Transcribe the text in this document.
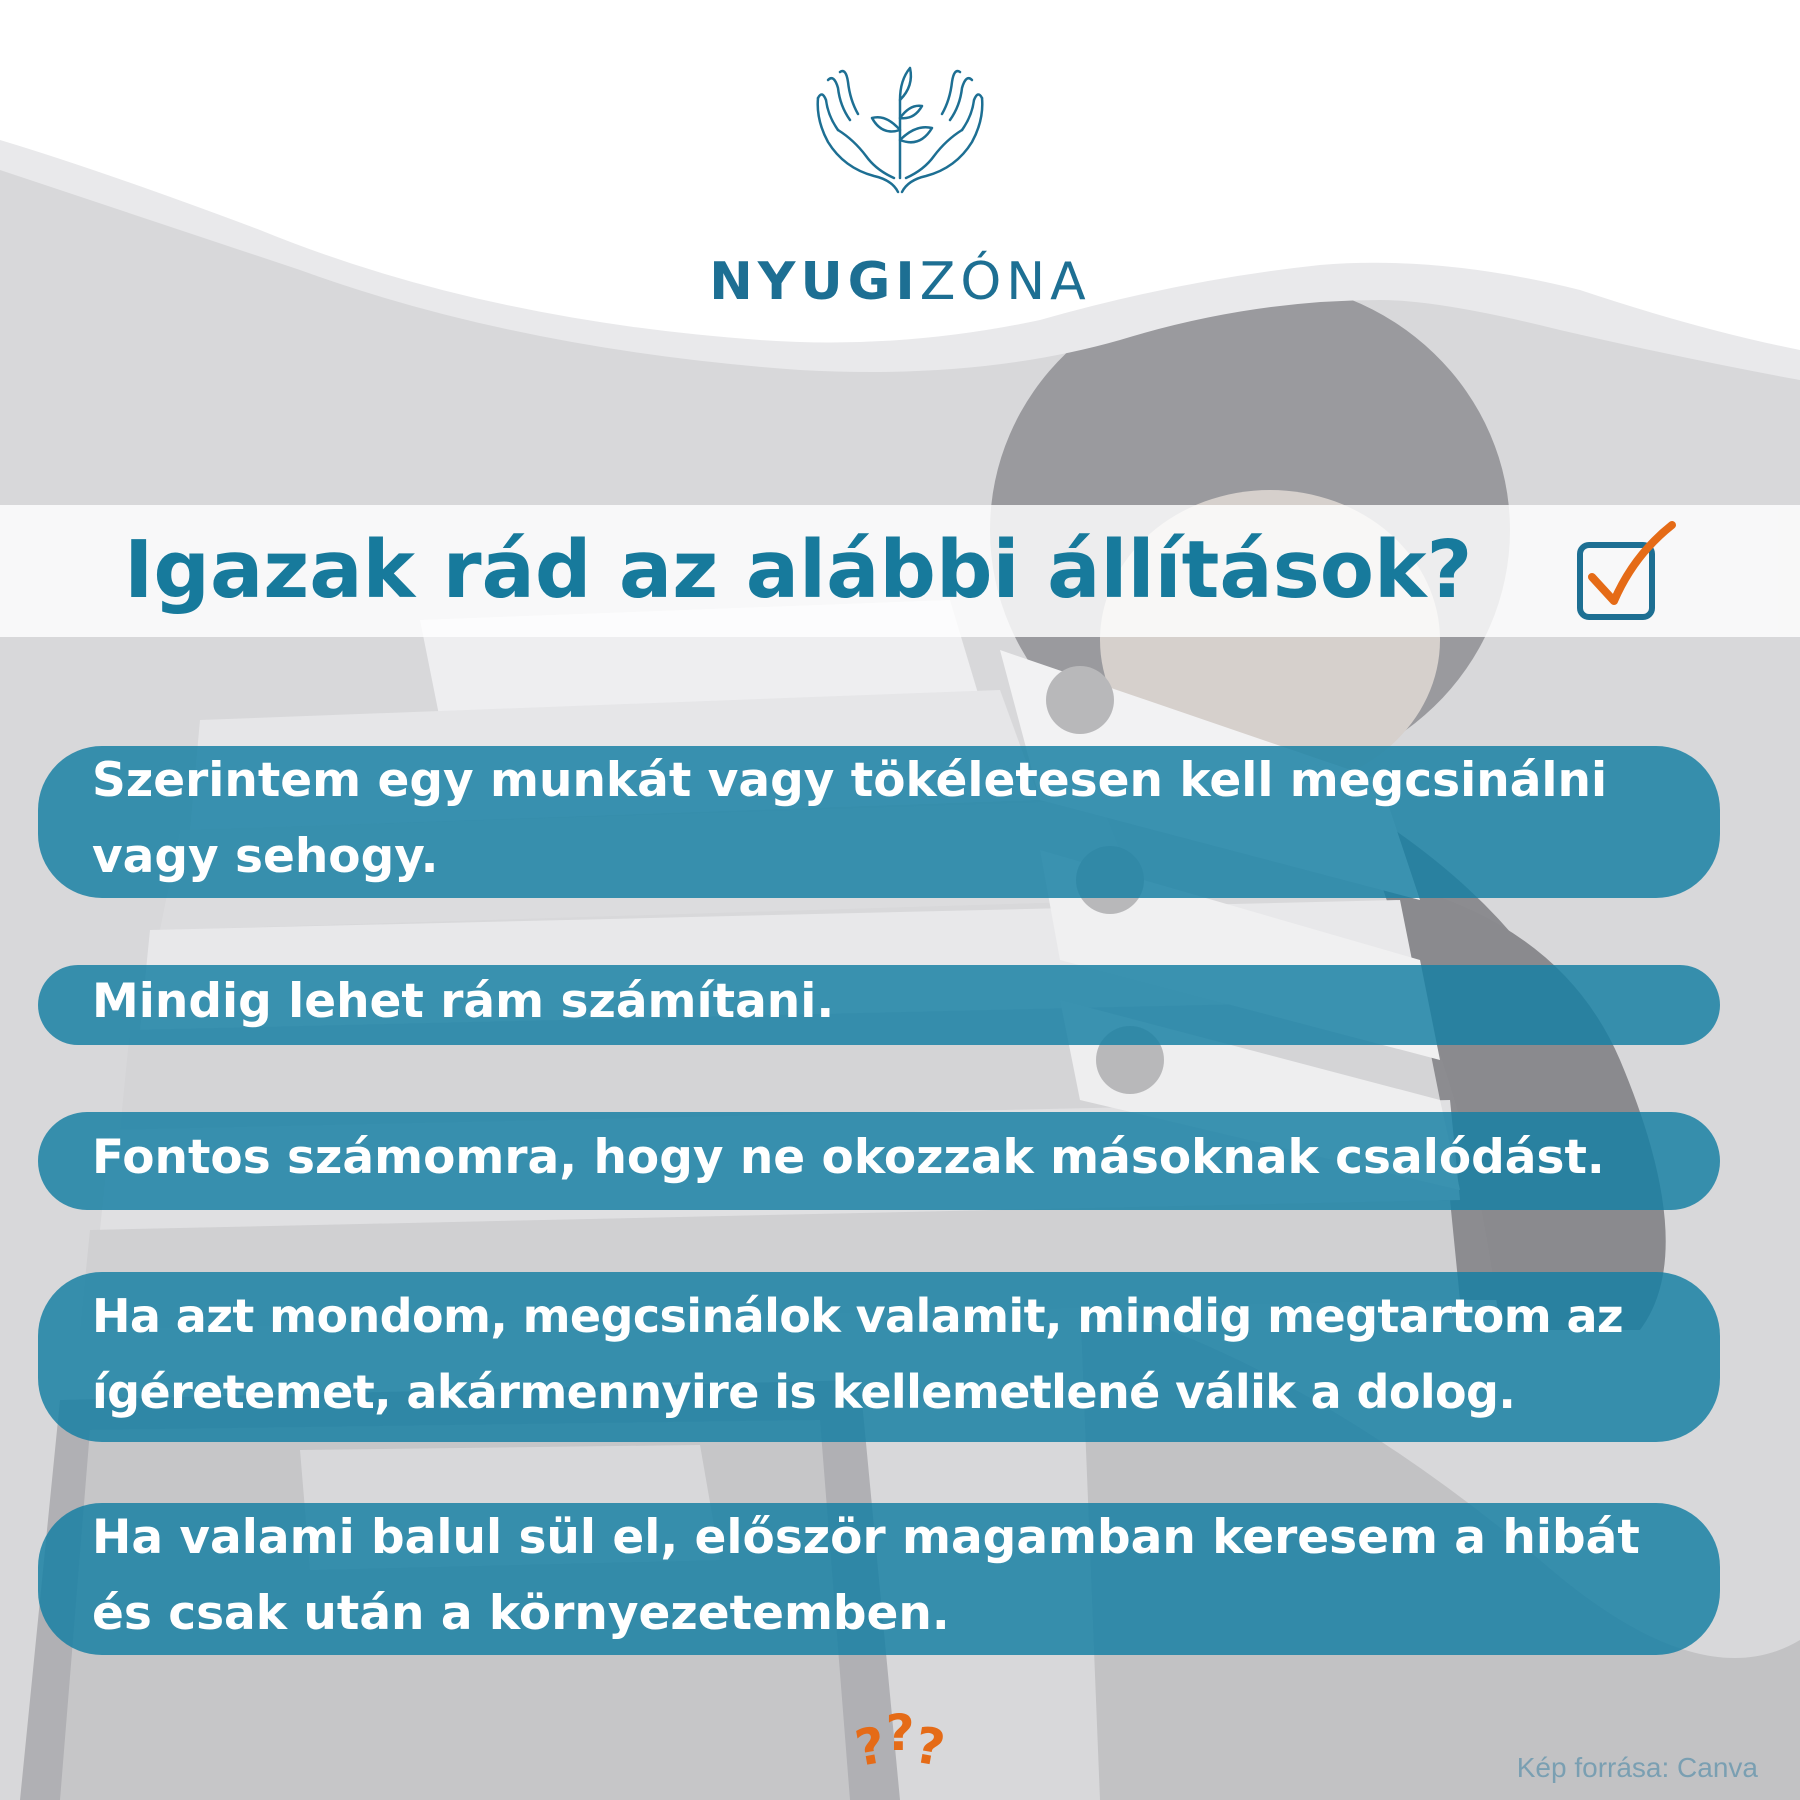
NYUGIZÓNA
Igazak rád az alábbi állítások?
Szerintem egy munkát vagy tökéletesen kell megcsinálni vagy sehogy.
Mindig lehet rám számítani.
Fontos számomra, hogy ne okozzak másoknak csalódást.
Ha azt mondom, megcsinálok valamit, mindig megtartom az ígéretemet, akármennyire is kellemetlené válik a dolog.
Ha valami balul sül el, először magamban keresem a hibát és csak után a környezetemben.
???	Kép forrása: Canva
